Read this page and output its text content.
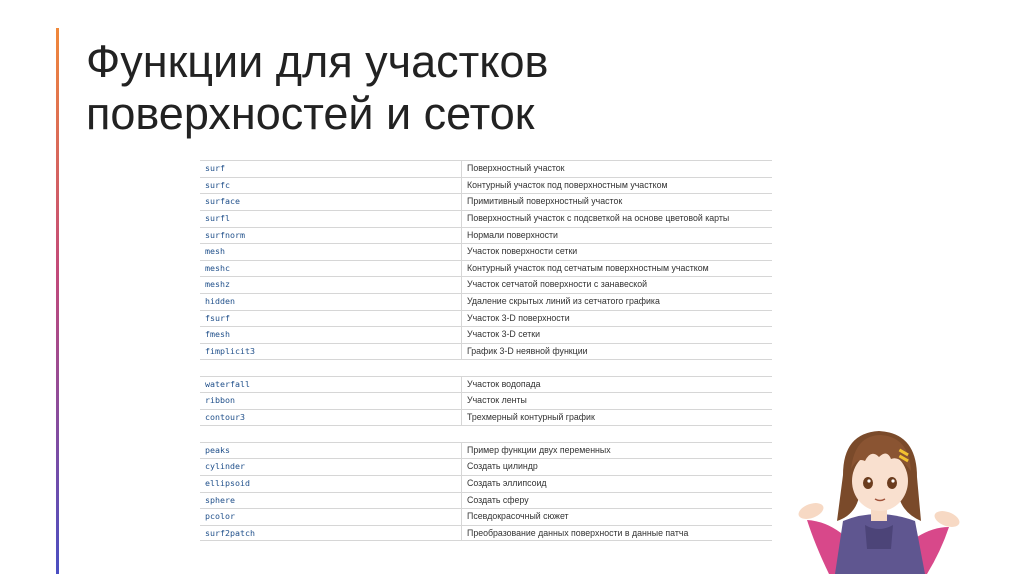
Функции для участков
поверхностей и сеток
surf	Поверхностный участок
surfc	Контурный участок под поверхностным участком
surface	Примитивный поверхностный участок
surfl	Поверхностный участок с подсветкой на основе цветовой карты
surfnorm	Нормали поверхности
mesh	Участок поверхности сетки
meshc	Контурный участок под сетчатым поверхностным участком
meshz	Участок сетчатой поверхности с занавеской
hidden	Удаление скрытых линий из сетчатого графика
fsurf	Участок 3-D поверхности
fmesh	Участок 3-D сетки
fimplicit3	График 3-D неявной функции
waterfall	Участок водопада
ribbon	Участок ленты
contour3	Трехмерный контурный график
peaks	Пример функции двух переменных
cylinder	Создать цилиндр
ellipsoid	Создать эллипсоид
sphere	Создать сферу
pcolor	Псевдокрасочный сюжет
surf2patch	Преобразование данных поверхности в данные патча
